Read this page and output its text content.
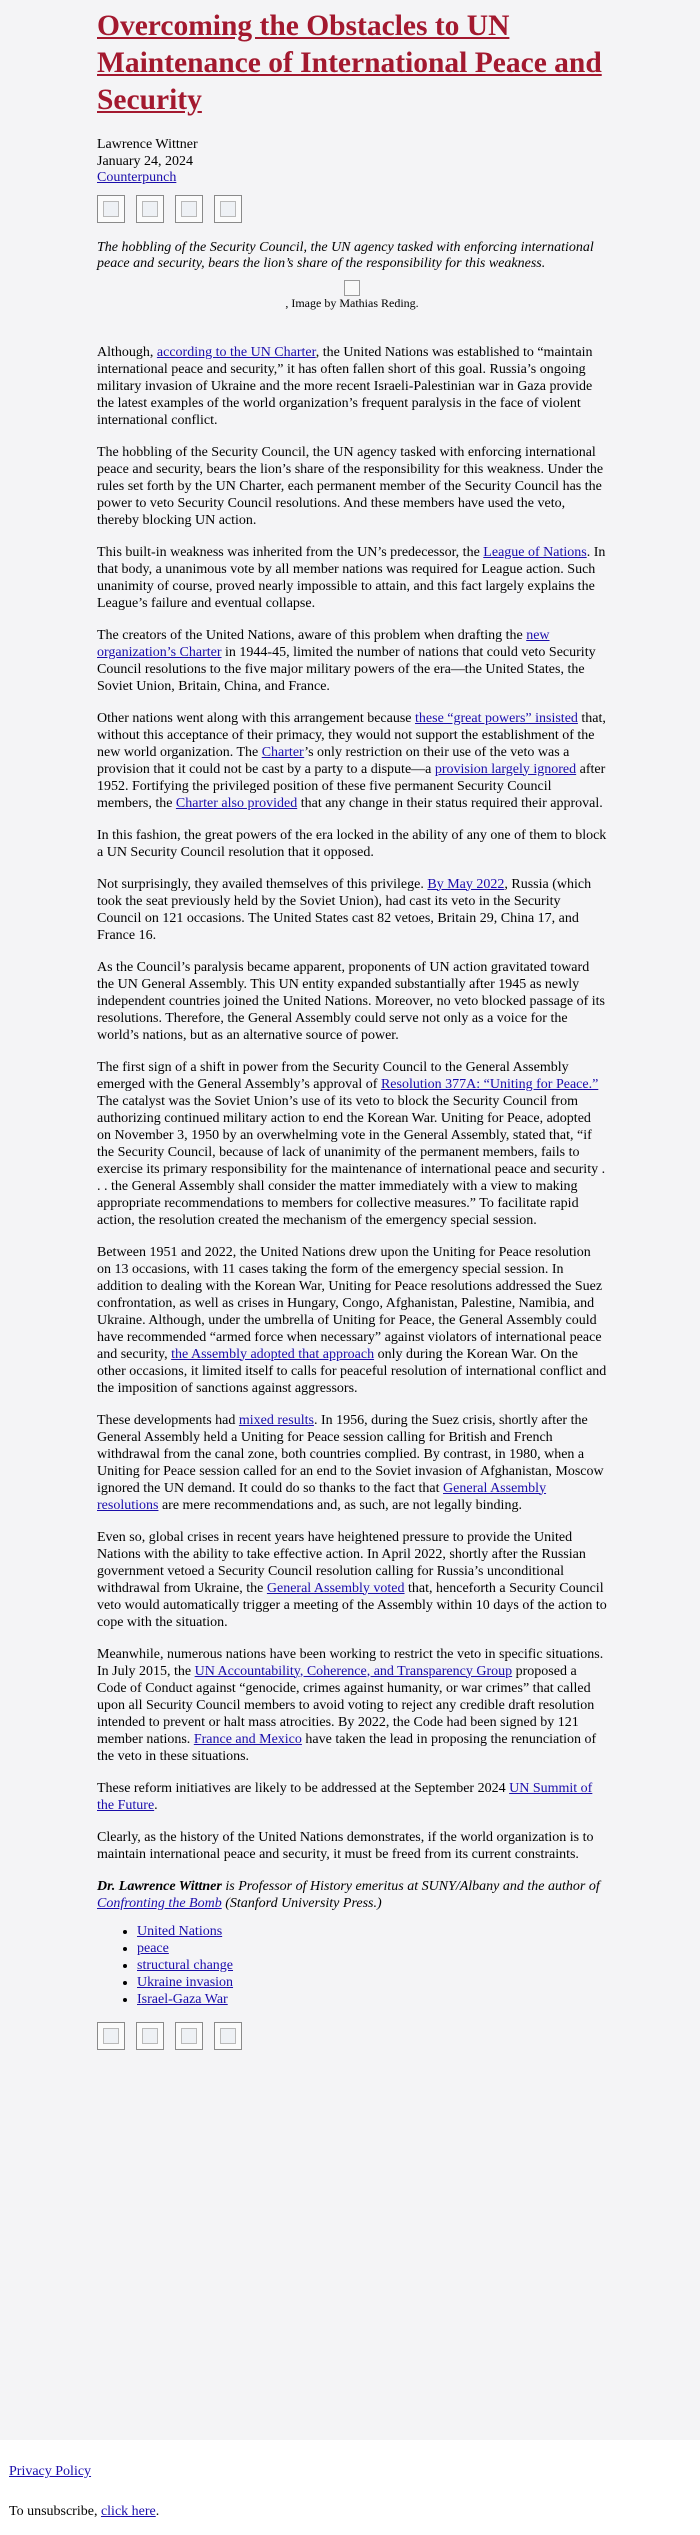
Overcoming the Obstacles to UN Maintenance of International Peace and Security
Lawrence Wittner
January 24, 2024
Counterpunch

The hobbling of the Security Council, the UN agency tasked with enforcing international peace and security, bears the lion’s share of the responsibility for this weakness.

, Image by Mathias Reding.

Although, according to the UN Charter, the United Nations was established to “maintain international peace and security,” it has often fallen short of this goal. Russia’s ongoing military invasion of Ukraine and the more recent Israeli-Palestinian war in Gaza provide the latest examples of the world organization’s frequent paralysis in the face of violent international conflict.

The hobbling of the Security Council, the UN agency tasked with enforcing international peace and security, bears the lion’s share of the responsibility for this weakness. Under the rules set forth by the UN Charter, each permanent member of the Security Council has the power to veto Security Council resolutions. And these members have used the veto, thereby blocking UN action.

This built-in weakness was inherited from the UN’s predecessor, the League of Nations. In that body, a unanimous vote by all member nations was required for League action. Such unanimity of course, proved nearly impossible to attain, and this fact largely explains the League’s failure and eventual collapse.

The creators of the United Nations, aware of this problem when drafting the new organization’s Charter in 1944-45, limited the number of nations that could veto Security Council resolutions to the five major military powers of the era—the United States, the Soviet Union, Britain, China, and France.

Other nations went along with this arrangement because these “great powers” insisted that, without this acceptance of their primacy, they would not support the establishment of the new world organization. The Charter’s only restriction on their use of the veto was a provision that it could not be cast by a party to a dispute—a provision largely ignored after 1952. Fortifying the privileged position of these five permanent Security Council members, the Charter also provided that any change in their status required their approval.

In this fashion, the great powers of the era locked in the ability of any one of them to block a UN Security Council resolution that it opposed.

Not surprisingly, they availed themselves of this privilege. By May 2022, Russia (which took the seat previously held by the Soviet Union), had cast its veto in the Security Council on 121 occasions. The United States cast 82 vetoes, Britain 29, China 17, and France 16.

As the Council’s paralysis became apparent, proponents of UN action gravitated toward the UN General Assembly. This UN entity expanded substantially after 1945 as newly independent countries joined the United Nations. Moreover, no veto blocked passage of its resolutions. Therefore, the General Assembly could serve not only as a voice for the world’s nations, but as an alternative source of power.

The first sign of a shift in power from the Security Council to the General Assembly emerged with the General Assembly’s approval of Resolution 377A: “Uniting for Peace.” The catalyst was the Soviet Union’s use of its veto to block the Security Council from authorizing continued military action to end the Korean War. Uniting for Peace, adopted on November 3, 1950 by an overwhelming vote in the General Assembly, stated that, “if the Security Council, because of lack of unanimity of the permanent members, fails to exercise its primary responsibility for the maintenance of international peace and security . . . the General Assembly shall consider the matter immediately with a view to making appropriate recommendations to members for collective measures.” To facilitate rapid action, the resolution created the mechanism of the emergency special session.

Between 1951 and 2022, the United Nations drew upon the Uniting for Peace resolution on 13 occasions, with 11 cases taking the form of the emergency special session. In addition to dealing with the Korean War, Uniting for Peace resolutions addressed the Suez confrontation, as well as crises in Hungary, Congo, Afghanistan, Palestine, Namibia, and Ukraine. Although, under the umbrella of Uniting for Peace, the General Assembly could have recommended “armed force when necessary” against violators of international peace and security, the Assembly adopted that approach only during the Korean War. On the other occasions, it limited itself to calls for peaceful resolution of international conflict and the imposition of sanctions against aggressors.

These developments had mixed results. In 1956, during the Suez crisis, shortly after the General Assembly held a Uniting for Peace session calling for British and French withdrawal from the canal zone, both countries complied. By contrast, in 1980, when a Uniting for Peace session called for an end to the Soviet invasion of Afghanistan, Moscow ignored the UN demand. It could do so thanks to the fact that General Assembly resolutions are mere recommendations and, as such, are not legally binding.

Even so, global crises in recent years have heightened pressure to provide the United Nations with the ability to take effective action. In April 2022, shortly after the Russian government vetoed a Security Council resolution calling for Russia’s unconditional withdrawal from Ukraine, the General Assembly voted that, henceforth a Security Council veto would automatically trigger a meeting of the Assembly within 10 days of the action to cope with the situation.

Meanwhile, numerous nations have been working to restrict the veto in specific situations. In July 2015, the UN Accountability, Coherence, and Transparency Group proposed a Code of Conduct against “genocide, crimes against humanity, or war crimes” that called upon all Security Council members to avoid voting to reject any credible draft resolution intended to prevent or halt mass atrocities. By 2022, the Code had been signed by 121 member nations. France and Mexico have taken the lead in proposing the renunciation of the veto in these situations.

These reform initiatives are likely to be addressed at the September 2024 UN Summit of the Future.

Clearly, as the history of the United Nations demonstrates, if the world organization is to maintain international peace and security, it must be freed from its current constraints.

Dr. Lawrence Wittner is Professor of History emeritus at SUNY/Albany and the author of Confronting the Bomb (Stanford University Press.)

• United Nations
• peace
• structural change
• Ukraine invasion
• Israel-Gaza War
Privacy Policy
To unsubscribe, click here.
